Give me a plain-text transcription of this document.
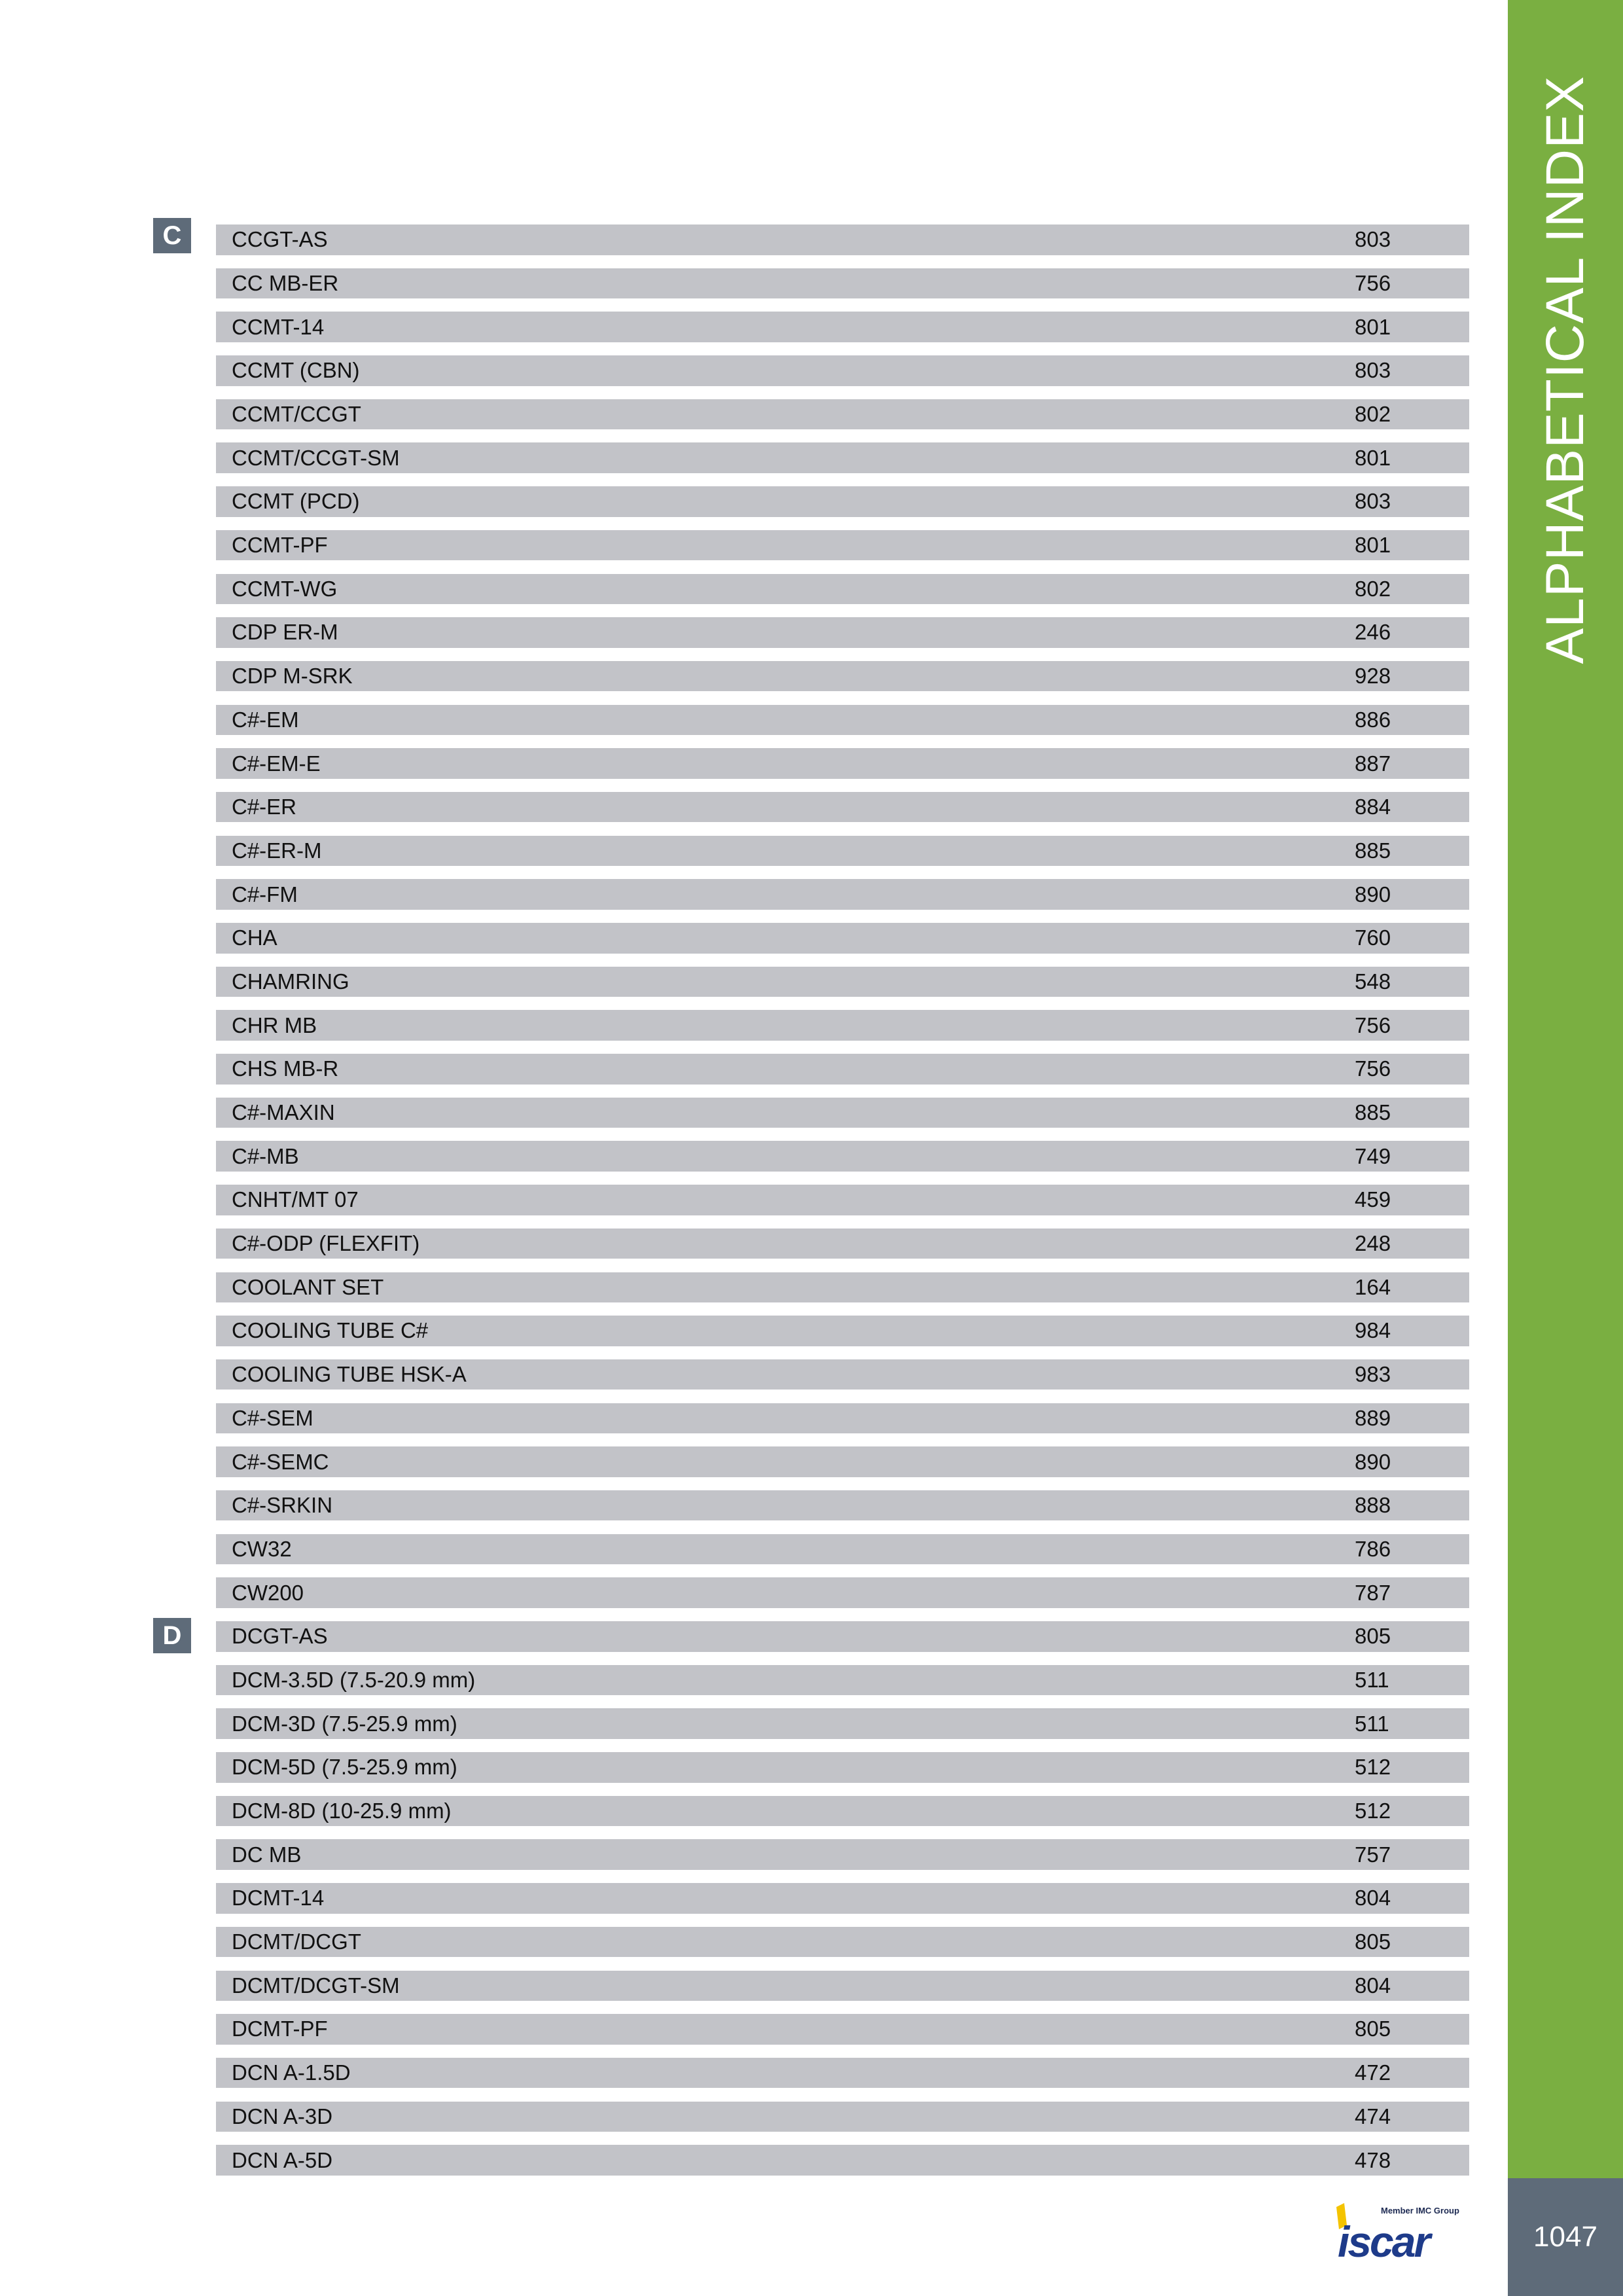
ALPHABETICAL INDEX
1047
C
D
CCGT-AS	803
CC MB-ER	756
CCMT-14	801
CCMT (CBN)	803
CCMT/CCGT	802
CCMT/CCGT-SM	801
CCMT (PCD)	803
CCMT-PF	801
CCMT-WG	802
CDP ER-M	246
CDP M-SRK	928
C#-EM	886
C#-EM-E	887
C#-ER	884
C#-ER-M	885
C#-FM	890
CHA	760
CHAMRING	548
CHR MB	756
CHS MB-R	756
C#-MAXIN	885
C#-MB	749
CNHT/MT 07	459
C#-ODP (FLEXFIT)	248
COOLANT SET	164
COOLING TUBE C#	984
COOLING TUBE HSK-A	983
C#-SEM	889
C#-SEMC	890
C#-SRKIN	888
CW32	786
CW200	787
DCGT-AS	805
DCM-3.5D (7.5-20.9 mm)	511
DCM-3D (7.5-25.9 mm)	511
DCM-5D (7.5-25.9 mm)	512
DCM-8D (10-25.9 mm)	512
DC MB	757
DCMT-14	804
DCMT/DCGT	805
DCMT/DCGT-SM	804
DCMT-PF	805
DCN A-1.5D	472
DCN A-3D	474
DCN A-5D	478
Member IMC Group
iscar
